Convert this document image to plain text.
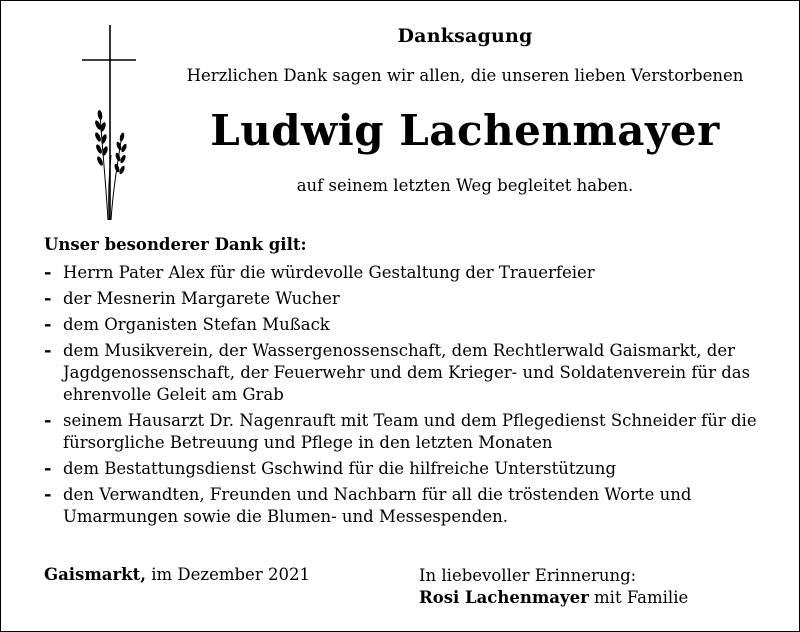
Danksagung
Herzlichen Dank sagen wir allen, die unseren lieben Verstorbenen
Ludwig Lachenmayer
auf seinem letzten Weg begleitet haben.
Unser besonderer Dank gilt:
- Herrn Pater Alex für die würdevolle Gestaltung der Trauerfeier
- der Mesnerin Margarete Wucher
- dem Organisten Stefan Mußack
- dem Musikverein, der Wassergenossenschaft, dem Rechtlerwald Gaismarkt, der Jagdgenossenschaft, der Feuerwehr und dem Krieger- und Soldatenverein für das ehrenvolle Geleit am Grab
- seinem Hausarzt Dr. Nagenrauft mit Team und dem Pflegedienst Schneider für die fürsorgliche Betreuung und Pflege in den letzten Monaten
- dem Bestattungsdienst Gschwind für die hilfreiche Unterstützung
- den Verwandten, Freunden und Nachbarn für all die tröstenden Worte und Umarmungen sowie die Blumen- und Messespenden.
Gaismarkt, im Dezember 2021	In liebevoller Erinnerung:
Rosi Lachenmayer mit Familie
